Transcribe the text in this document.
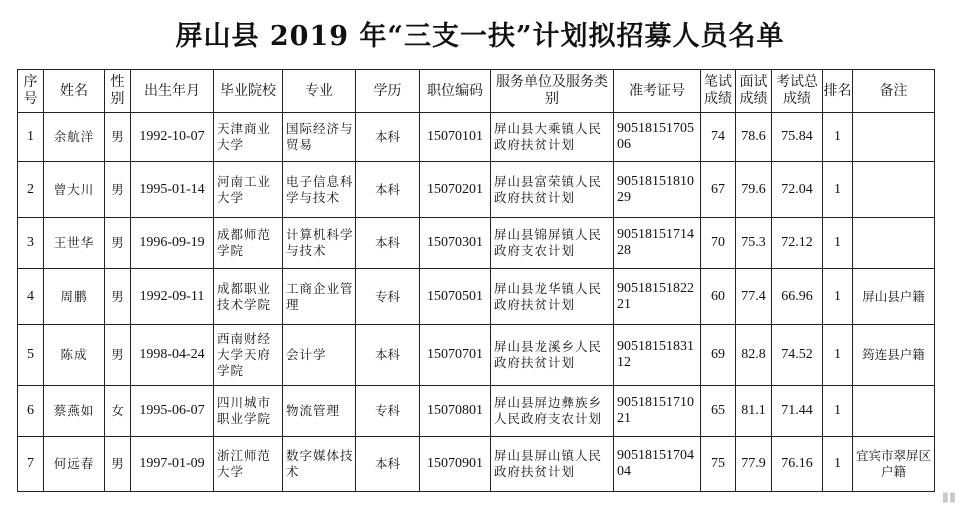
屏山县 2019 年“三支一扶”计划拟招募人员名单
序号	姓名	性别	出生年月	毕业院校	专业	学历	职位编码	服务单位及服务类别	准考证号	笔试成绩	面试成绩	考试总成绩	排名	备注
1	余航洋	男	1992-10-07	天津商业大学	国际经济与贸易	本科	15070101	屏山县大乘镇人民政府扶贫计划	9051815170506	74	78.6	75.84	1	
2	曾大川	男	1995-01-14	河南工业大学	电子信息科学与技术	本科	15070201	屏山县富荣镇人民政府扶贫计划	9051815181029	67	79.6	72.04	1	
3	王世华	男	1996-09-19	成都师范学院	计算机科学与技术	本科	15070301	屏山县锦屏镇人民政府支农计划	9051815171428	70	75.3	72.12	1	
4	周鹏	男	1992-09-11	成都职业技术学院	工商企业管理	专科	15070501	屏山县龙华镇人民政府扶贫计划	9051815182221	60	77.4	66.96	1	屏山县户籍
5	陈成	男	1998-04-24	西南财经大学天府学院	会计学	本科	15070701	屏山县龙溪乡人民政府扶贫计划	9051815183112	69	82.8	74.52	1	筠连县户籍
6	蔡燕如	女	1995-06-07	四川城市职业学院	物流管理	专科	15070801	屏山县屏边彝族乡人民政府支农计划	9051815171021	65	81.1	71.44	1	
7	何远春	男	1997-01-09	浙江师范大学	数字媒体技术	本科	15070901	屏山县屏山镇人民政府扶贫计划	9051815170404	75	77.9	76.16	1	宜宾市翠屏区户籍
▮▮
